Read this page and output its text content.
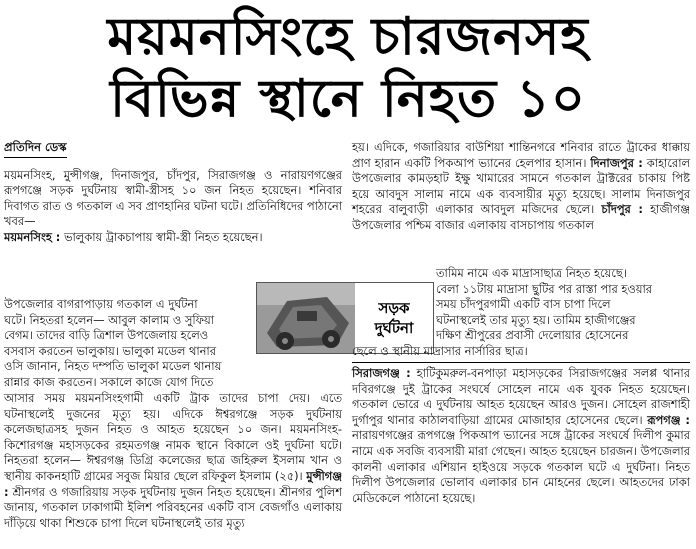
ময়মনসিংহে চারজনসহ
বিভিন্ন স্থানে নিহত ১০
প্রতিদিন ডেস্ক

ময়মনসিংহ, মুন্সীগঞ্জ, দিনাজপুর, চাঁদপুর, সিরাজগঞ্জ ও নারায়ণগঞ্জের রূপগঞ্জে সড়ক দুর্ঘটনায় স্বামী-স্ত্রীসহ ১০ জন নিহত হয়েছেন। শনিবার দিবাগত রাত ও গতকাল এ সব প্রাণহানির ঘটনা ঘটে। প্রতিনিধিদের পাঠানো খবর—

ময়মনসিংহ : ভালুকায় ট্রাকচাপায় স্বামী-স্ত্রী নিহত হয়েছেন।

উপজেলার বাগরাপাড়ায় গতকাল এ দুর্ঘটনা
ঘটে। নিহতরা হলেন— আবুল কালাম ও সুফিয়া
বেগম। তাদের বাড়ি ত্রিশাল উপজেলায় হলেও
বসবাস করতেন ভালুকায়। ভালুকা মডেল থানার
ওসি জানান, নিহত দম্পতি ভালুকা মডেল থানায়
রান্নার কাজ করতেন। সকালে কাজে যোগ দিতে

আসার সময় ময়মনসিংহগামী একটি ট্রাক তাদের চাপা দেয়। এতে ঘটনাস্থলেই দুজনের মৃত্যু হয়। এদিকে ঈশ্বরগঞ্জে সড়ক দুর্ঘটনায় কলেজছাত্রসহ দুজন নিহত ও আহত হয়েছেন ১০ জন। ময়মনসিংহ-কিশোরগঞ্জ মহাসড়কের রহমতগঞ্জ নামক স্থানে বিকালে ওই দুর্ঘটনা ঘটে। নিহতরা হলেন— ঈশ্বরগঞ্জ ডিগ্রি কলেজের ছাত্র জহিরুল ইসলাম খান ও স্থানীয় কাকনহাটি গ্রামের সবুজ মিয়ার ছেলে রফিকুল ইসলাম (২৫)। মুন্সীগঞ্জ : শ্রীনগর ও গজারিয়ায় সড়ক দুর্ঘটনায় দুজন নিহত হয়েছেন। শ্রীনগর পুলিশ জানায়, গতকাল ঢাকাগামী ইলিশ পরিবহনের একটি বাস বেজগাঁও এলাকায় দাঁড়িয়ে থাকা শিশুকে চাপা দিলে ঘটনাস্থলেই তার মৃত্যু

সড়ক
দুর্ঘটনা

হয়। এদিকে, গজারিয়ার বাউশিয়া শান্তিনগরে শনিবার রাতে ট্রাকের ধাক্কায় প্রাণ হারান একটি পিকআপ ভ্যানের হেলপার হাসান। দিনাজপুর : কাহারোল উপজেলার কামড়হাট ইক্ষু খামারের সামনে গতকাল ট্রাক্টরের চাকায় পিষ্ট হয়ে আবদুস সালাম নামে এক ব্যবসায়ীর মৃত্যু হয়েছে। সালাম দিনাজপুর শহরের বালুবাড়ী এলাকার আবদুল মজিদের ছেলে। চাঁদপুর : হাজীগঞ্জ উপজেলার পশ্চিম বাজার এলাকায় বাসচাপায় গতকাল

তামিম নামে এক মাদ্রাসাছাত্র নিহত হয়েছে।
বেলা ১১টায় মাদ্রাসা ছুটির পর রাস্তা পার হওয়ার
সময় চাঁদপুরগামী একটি বাস চাপা দিলে
ঘটনাস্থলেই তার মৃত্যু হয়। তামিম হাজীগঞ্জের
দক্ষিণ শ্রীপুরের প্রবাসী দেলোয়ার হোসেনের

ছেলে ও স্থানীয় মাদ্রাসার নার্সারির ছাত্র।

সিরাজগঞ্জ : হাটিকুমরুল-বনপাড়া মহাসড়কের সিরাজগঞ্জের সলপ্প থানার দবিরগঞ্জে দুই ট্রাকের সংঘর্ষে সোহেল নামে এক যুবক নিহত হয়েছেন। গতকাল ভোরে এ দুর্ঘটনায় আহত হয়েছেন আরও দুজন। সোহেল রাজশাহী দুর্গাপুর থানার কাঠালবাড়িয়া গ্রামের মোজাহার হোসেনের ছেলে। রূপগঞ্জ : নারায়ণগঞ্জের রূপগঞ্জে পিকআপ ভ্যানের সঙ্গে ট্রাকের সংঘর্ষে দিলীপ কুমার নামে এক সবজি ব্যবসায়ী মারা গেছেন। আহত হয়েছেন চারজন। উপজেলার কালনী এলাকার এশিয়ান হাইওয়ে সড়কে গতকাল ঘটে এ দুর্ঘটনা। নিহত দিলীপ উপজেলার ভোলাব এলাকার চান মোহনের ছেলে। আহতদের ঢাকা মেডিকেলে পাঠানো হয়েছে।
